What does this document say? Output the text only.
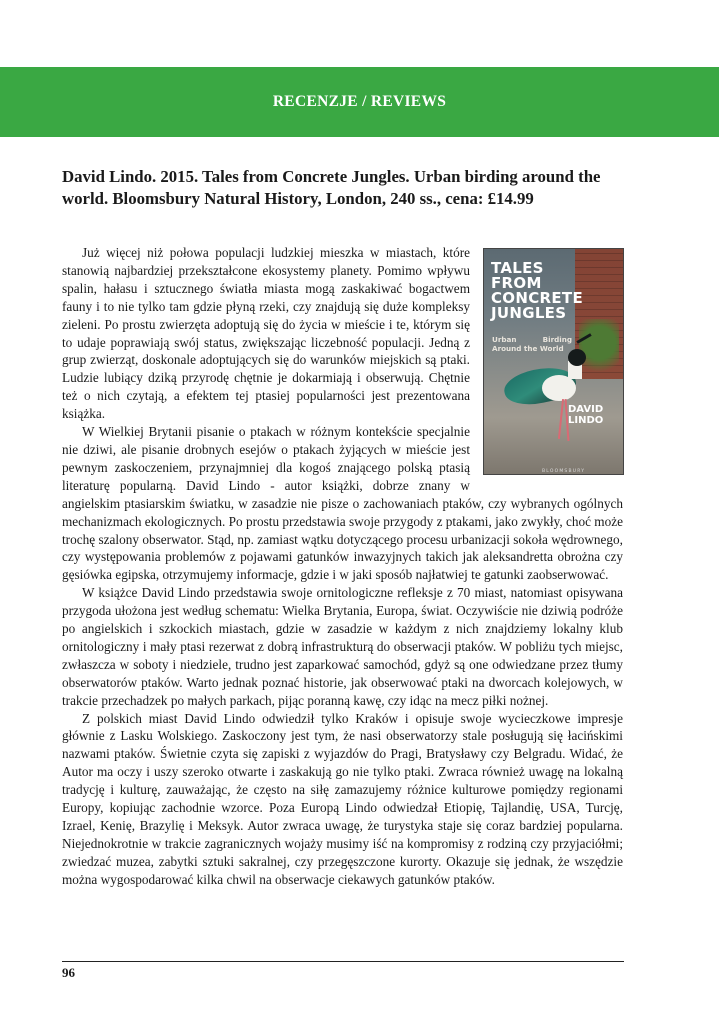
RECENZJE / REVIEWS
David Lindo. 2015. Tales from Concrete Jungles. Urban birding around the world. Bloomsbury Natural History, London, 240 ss., cena: £14.99
TALES FROM CONCRETE JUNGLES
Urban Birding Around the World
DAVID LINDO
BLOOMSBURY

Już więcej niż połowa populacji ludzkiej mieszka w miastach, które stanowią najbardziej przekształcone ekosystemy planety. Pomimo wpływu spalin, hałasu i sztucznego światła miasta mogą zaskakiwać bogactwem fauny i to nie tylko tam gdzie płyną rzeki, czy znajdują się duże kompleksy zieleni. Po prostu zwierzęta adoptują się do życia w mieście i te, którym się to udaje poprawiają swój status, zwiększając liczebność populacji. Jedną z grup zwierząt, doskonale adoptujących się do warunków miejskich są ptaki. Ludzie lubiący dziką przyrodę chętnie je dokarmiają i obserwują. Chętnie też o nich czytają, a efektem tej ptasiej popularności jest prezentowana książka.

W Wielkiej Brytanii pisanie o ptakach w różnym kontekście specjalnie nie dziwi, ale pisanie drobnych esejów o ptakach żyjących w mieście jest pewnym zaskoczeniem, przynajmniej dla kogoś znającego polską ptasią literaturę popularną. David Lindo - autor książki, dobrze znany w angielskim ptasiarskim światku, w zasadzie nie pisze o zachowaniach ptaków, czy wybranych ogólnych mechanizmach ekologicznych. Po prostu przedstawia swoje przygody z ptakami, jako zwykły, choć może trochę szalony obserwator. Stąd, np. zamiast wątku dotyczącego procesu urbanizacji sokoła wędrownego, czy występowania problemów z pojawami gatunków inwazyjnych takich jak aleksandretta obrożna czy gęsiówka egipska, otrzymujemy informacje, gdzie i w jaki sposób najłatwiej te gatunki zaobserwować.

W książce David Lindo przedstawia swoje ornitologiczne refleksje z 70 miast, natomiast opisywana przygoda ułożona jest według schematu: Wielka Brytania, Europa, świat. Oczywiście nie dziwią podróże po angielskich i szkockich miastach, gdzie w zasadzie w każdym z nich znajdziemy lokalny klub ornitologiczny i mały ptasi rezerwat z dobrą infrastrukturą do obserwacji ptaków. W pobliżu tych miejsc, zwłaszcza w soboty i niedziele, trudno jest zaparkować samochód, gdyż są one odwiedzane przez tłumy obserwatorów ptaków. Warto jednak poznać historie, jak obserwować ptaki na dworcach kolejowych, w trakcie przechadzek po małych parkach, pijąc poranną kawę, czy idąc na mecz piłki nożnej.

Z polskich miast David Lindo odwiedził tylko Kraków i opisuje swoje wycieczkowe impresje głównie z Lasku Wolskiego. Zaskoczony jest tym, że nasi obserwatorzy stale posługują się łacińskimi nazwami ptaków. Świetnie czyta się zapiski z wyjazdów do Pragi, Bratysławy czy Belgradu. Widać, że Autor ma oczy i uszy szeroko otwarte i zaskakują go nie tylko ptaki. Zwraca również uwagę na lokalną tradycję i kulturę, zauważając, że często na siłę zamazujemy różnice kulturowe pomiędzy regionami Europy, kopiując zachodnie wzorce. Poza Europą Lindo odwiedzał Etiopię, Tajlandię, USA, Turcję, Izrael, Kenię, Brazylię i Meksyk. Autor zwraca uwagę, że turystyka staje się coraz bardziej popularna. Niejednokrotnie w trakcie zagranicznych wojaży musimy iść na kompromisy z rodziną czy przyjaciółmi; zwiedzać muzea, zabytki sztuki sakralnej, czy przegęszczone kurorty. Okazuje się jednak, że wszędzie można wygospodarować kilka chwil na obserwacje ciekawych gatunków ptaków.

96
